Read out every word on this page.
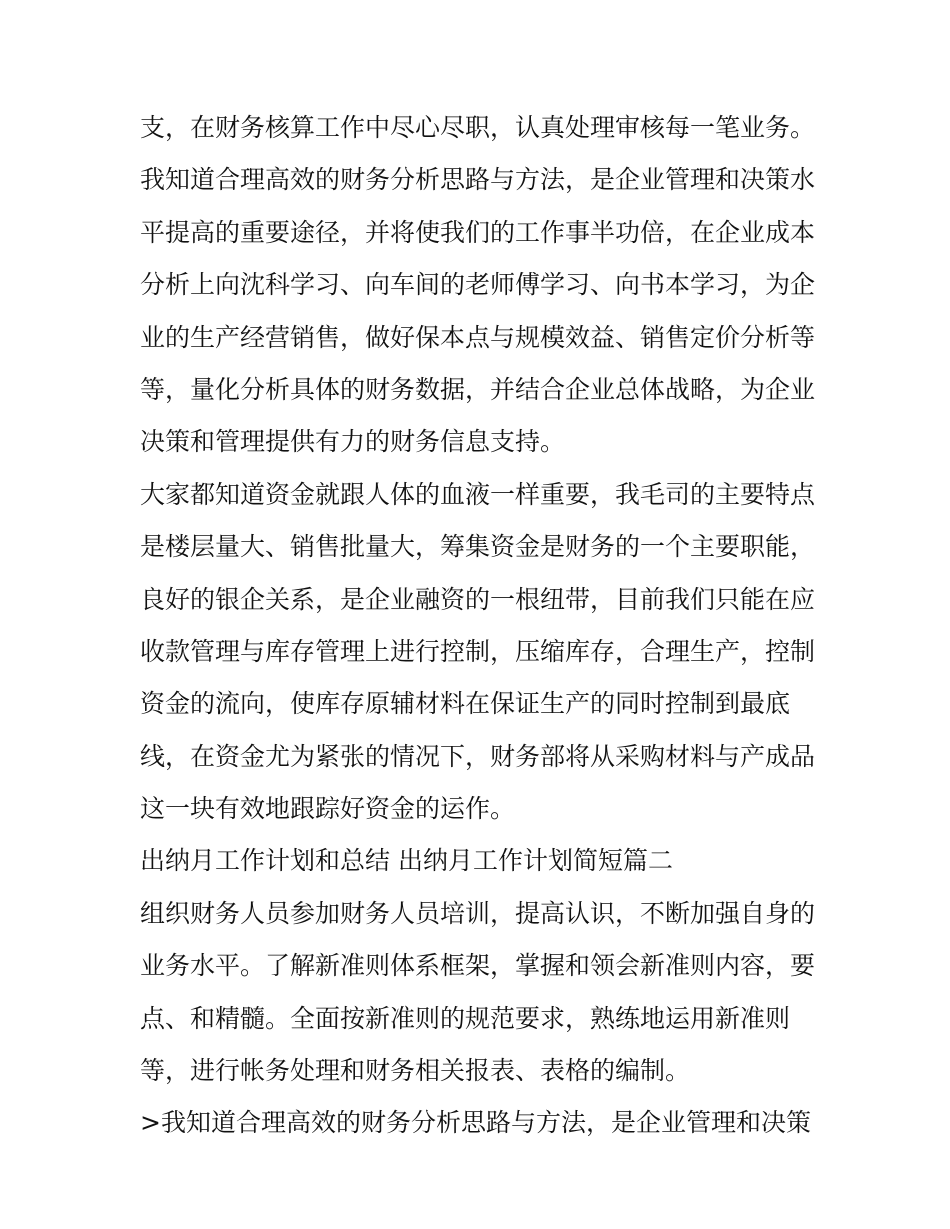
支，在财务核算工作中尽心尽职，认真处理审核每一笔业务。
我知道合理高效的财务分析思路与方法，是企业管理和决策水
平提高的重要途径，并将使我们的工作事半功倍，在企业成本
分析上向沈科学习、向车间的老师傅学习、向书本学习，为企
业的生产经营销售，做好保本点与规模效益、销售定价分析等
等，量化分析具体的财务数据，并结合企业总体战略，为企业
决策和管理提供有力的财务信息支持。
大家都知道资金就跟人体的血液一样重要，我毛司的主要特点
是楼层量大、销售批量大，筹集资金是财务的一个主要职能，
良好的银企关系，是企业融资的一根纽带，目前我们只能在应
收款管理与库存管理上进行控制，压缩库存，合理生产，控制
资金的流向，使库存原辅材料在保证生产的同时控制到最底
线，在资金尤为紧张的情况下，财务部将从采购材料与产成品
这一块有效地跟踪好资金的运作。
出纳月工作计划和总结 出纳月工作计划简短篇二
组织财务人员参加财务人员培训，提高认识，不断加强自身的
业务水平。了解新准则体系框架，掌握和领会新准则内容，要
点、和精髓。全面按新准则的规范要求，熟练地运用新准则
等，进行帐务处理和财务相关报表、表格的编制。
>我知道合理高效的财务分析思路与方法，是企业管理和决策
